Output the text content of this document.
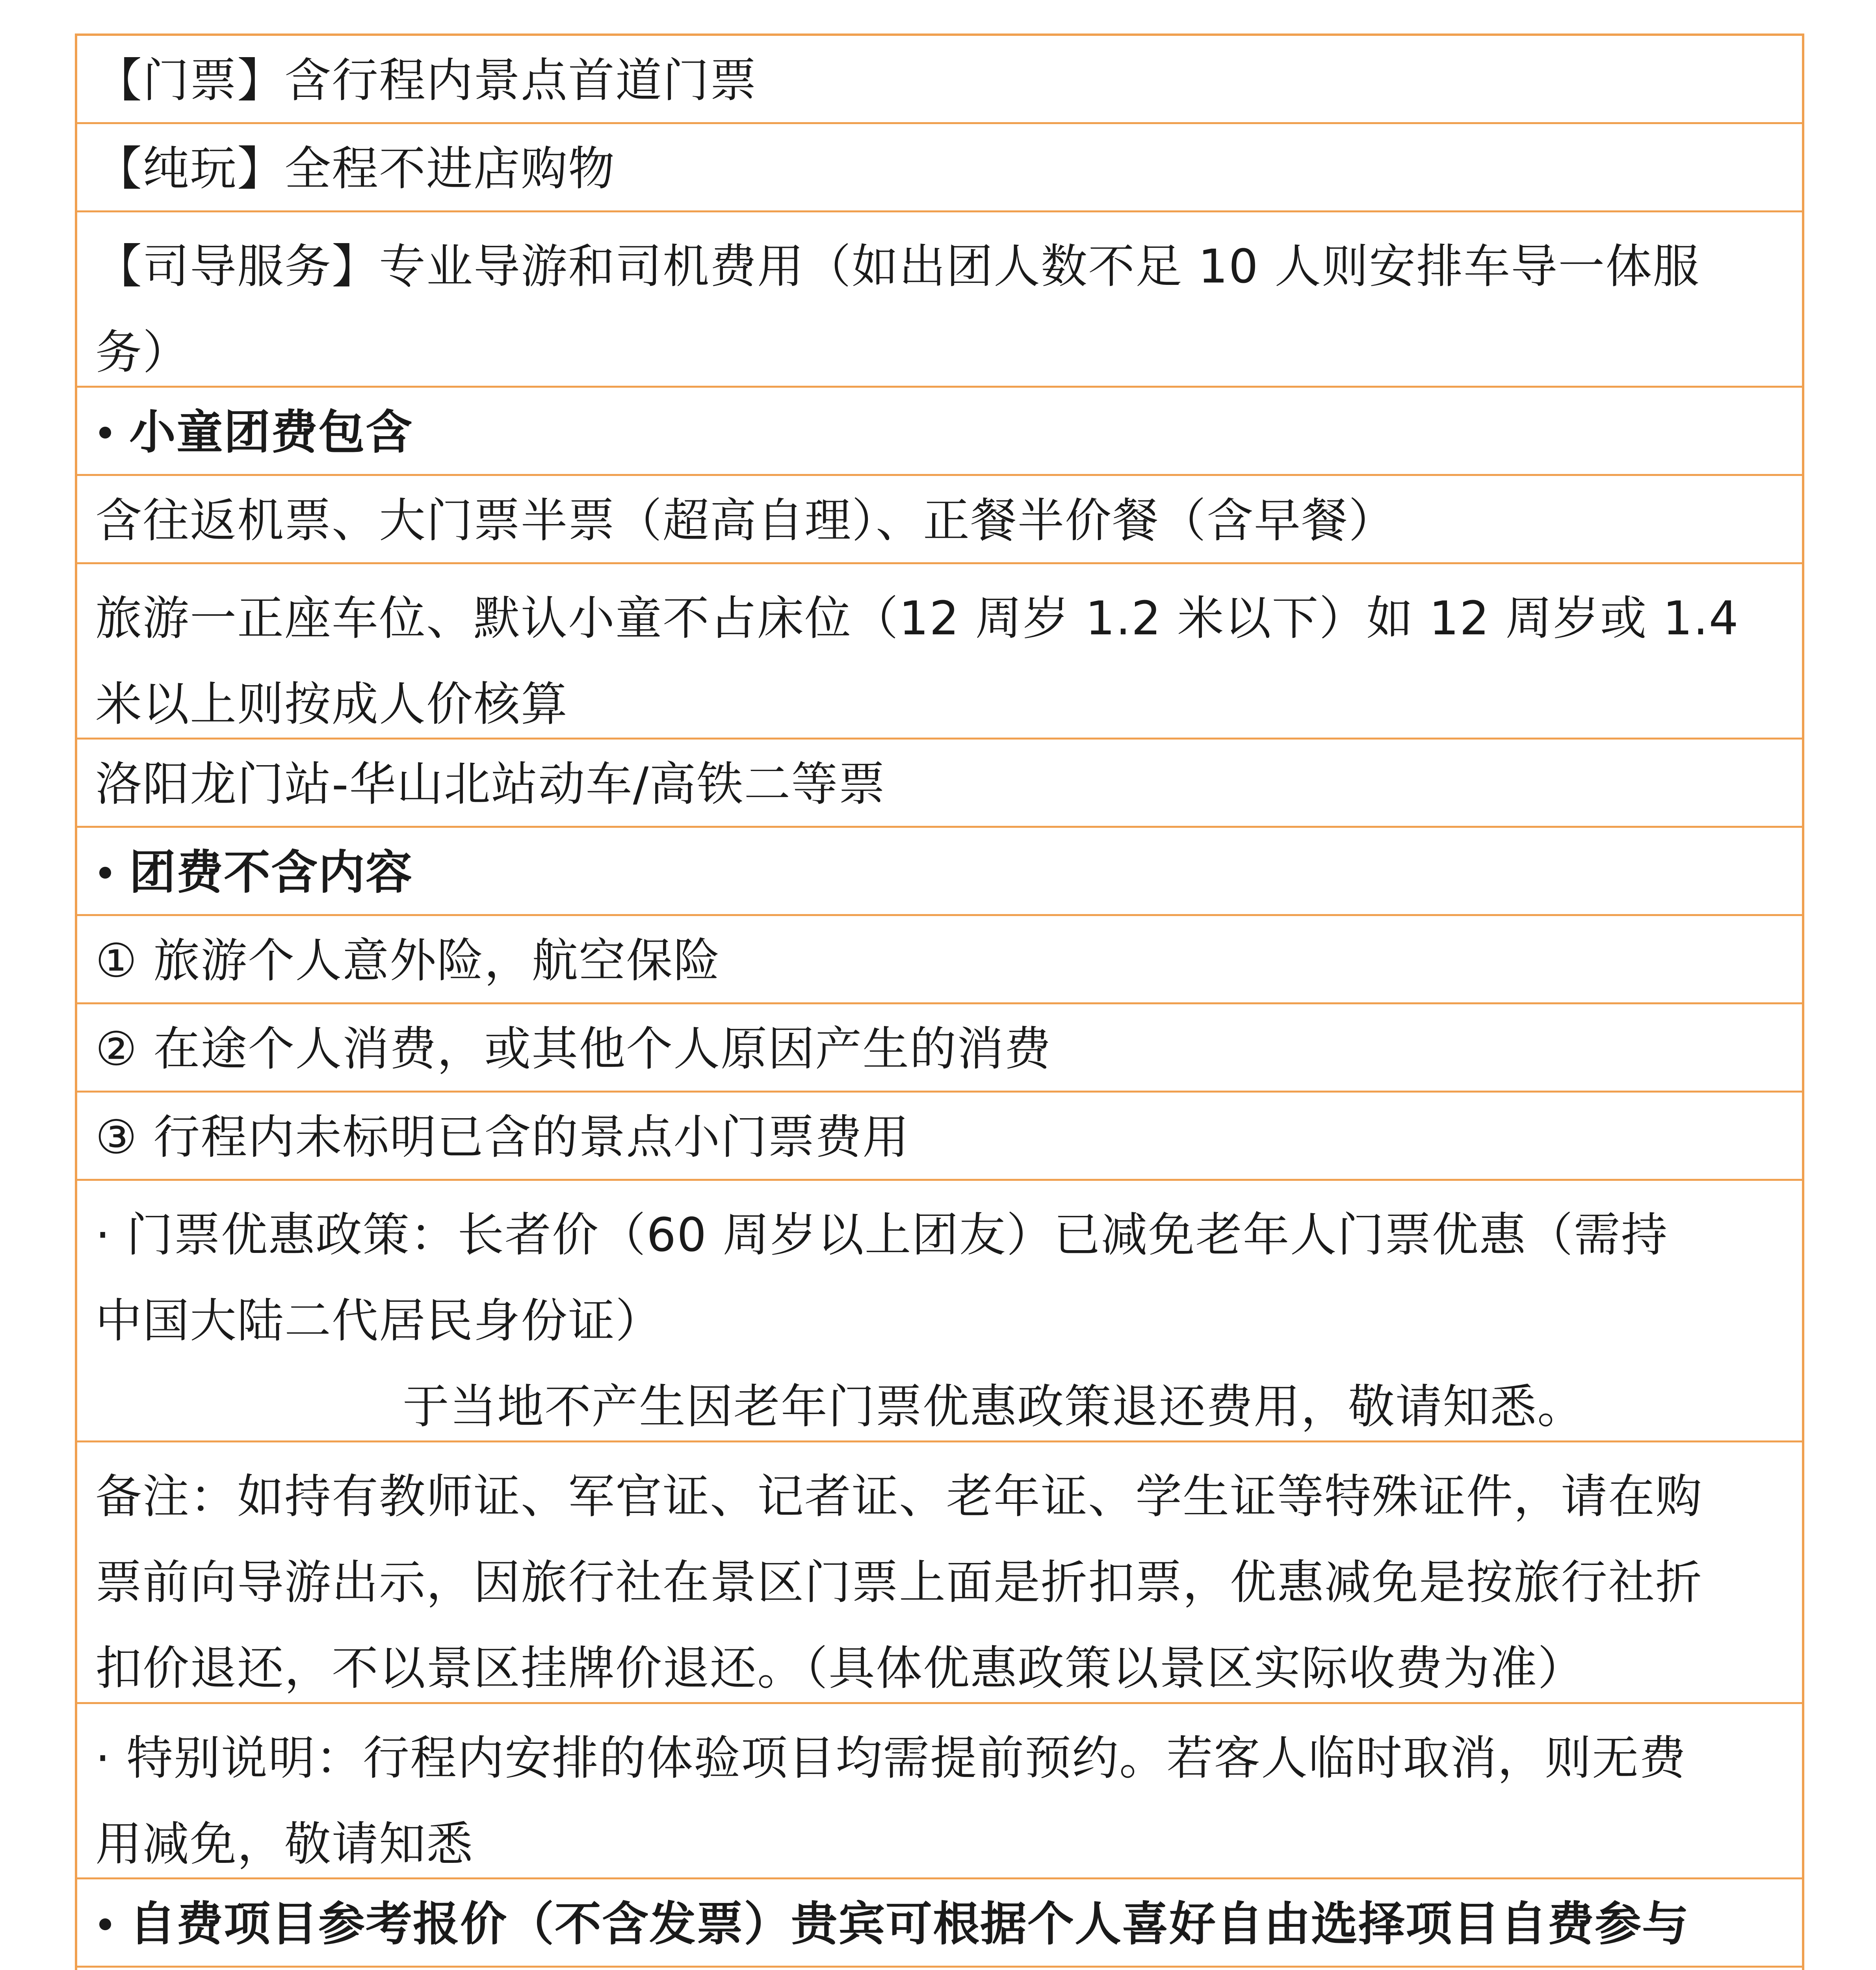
【门票】含行程内景点首道门票
【纯玩】全程不进店购物
【司导服务】专业导游和司机费用（如出团人数不足 10 人则安排车导一体服
务）
小童团费包含
含往返机票、大门票半票（超高自理）、正餐半价餐（含早餐）
旅游一正座车位、默认小童不占床位（12 周岁 1.2 米以下）如 12 周岁或 1.4
米以上则按成人价核算
洛阳龙门站-华山北站动车/高铁二等票
团费不含内容
① 旅游个人意外险，航空保险
② 在途个人消费，或其他个人原因产生的消费
③ 行程内未标明已含的景点小门票费用
· 门票优惠政策：长者价（60 周岁以上团友）已减免老年人门票优惠（需持
中国大陆二代居民身份证）
于当地不产生因老年门票优惠政策退还费用，敬请知悉。
备注：如持有教师证、军官证、记者证、老年证、学生证等特殊证件，请在购
票前向导游出示，因旅行社在景区门票上面是折扣票，优惠减免是按旅行社折
扣价退还，不以景区挂牌价退还。（具体优惠政策以景区实际收费为准）
· 特别说明：行程内安排的体验项目均需提前预约。若客人临时取消，则无费
用减免，敬请知悉
自费项目参考报价（不含发票）贵宾可根据个人喜好自由选择项目自费参与
